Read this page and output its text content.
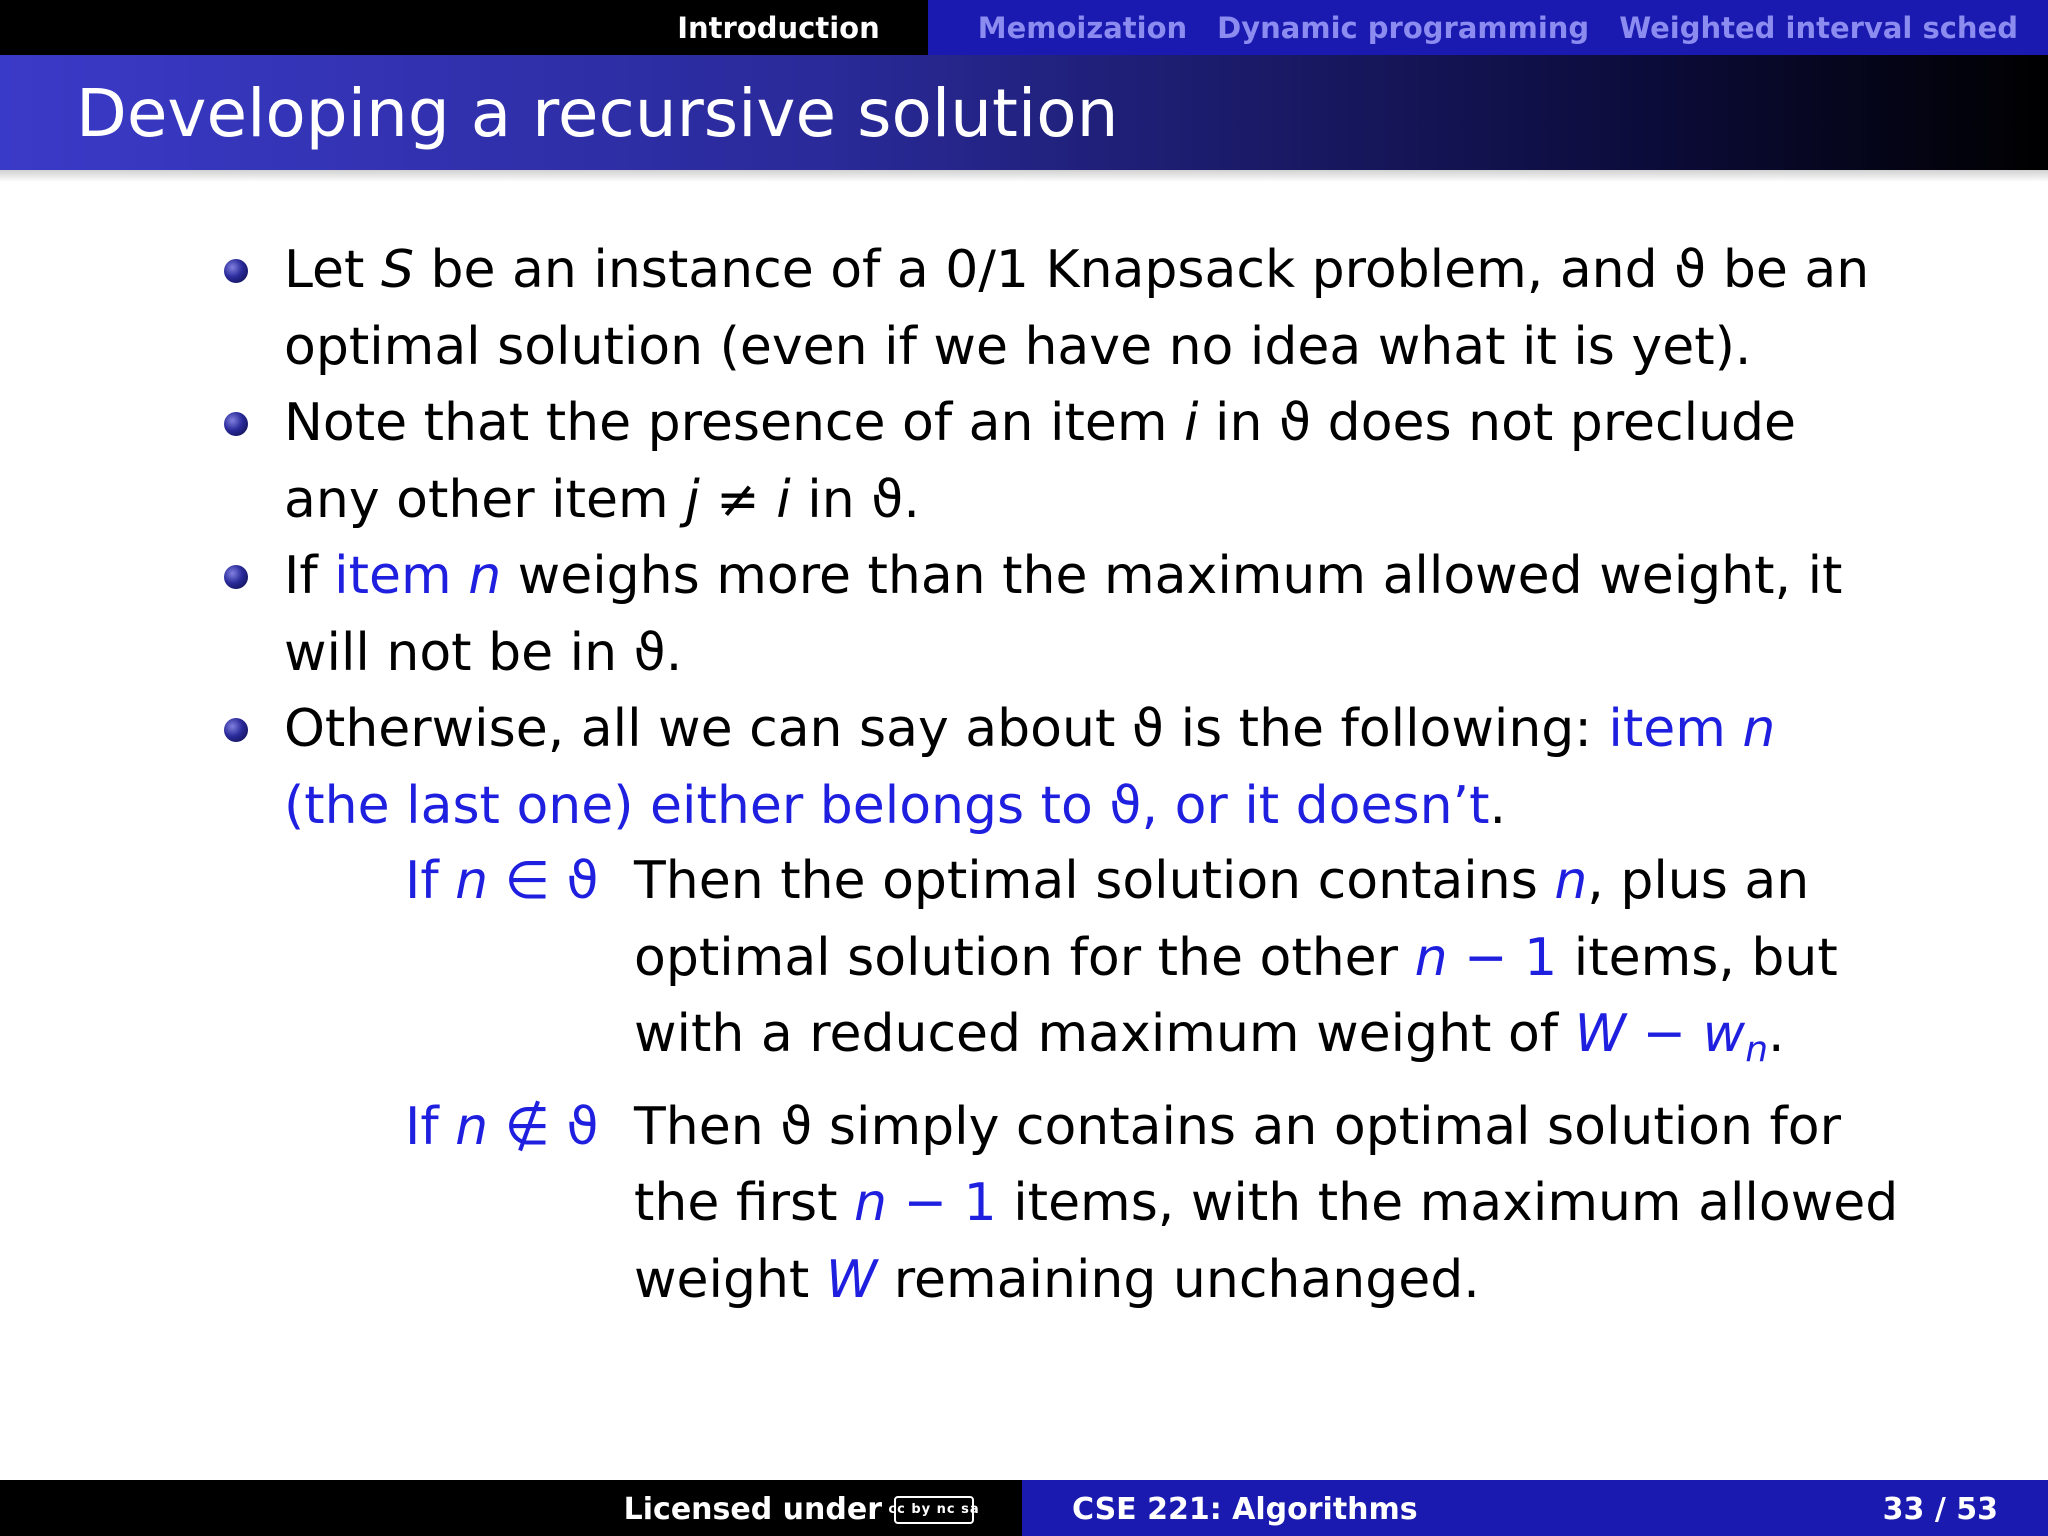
Introduction	Memoization Dynamic programming Weighted interval sched
Developing a recursive solution
Let S be an instance of a 0/1 Knapsack problem, and ϑ be an
optimal solution (even if we have no idea what it is yet).
Note that the presence of an item i in ϑ does not preclude
any other item j ≠ i in ϑ.
If item n weighs more than the maximum allowed weight, it
will not be in ϑ.
Otherwise, all we can say about ϑ is the following: item n
(the last one) either belongs to ϑ, or it doesn’t.
If n ∈ ϑ Then the optimal solution contains n, plus an
optimal solution for the other n − 1 items, but
with a reduced maximum weight of W − wn.
If n ∉ ϑ Then ϑ simply contains an optimal solution for
the first n − 1 items, with the maximum allowed
weight W remaining unchanged.
Licensed under cc by nc sa	CSE 221: Algorithms	33 / 53
